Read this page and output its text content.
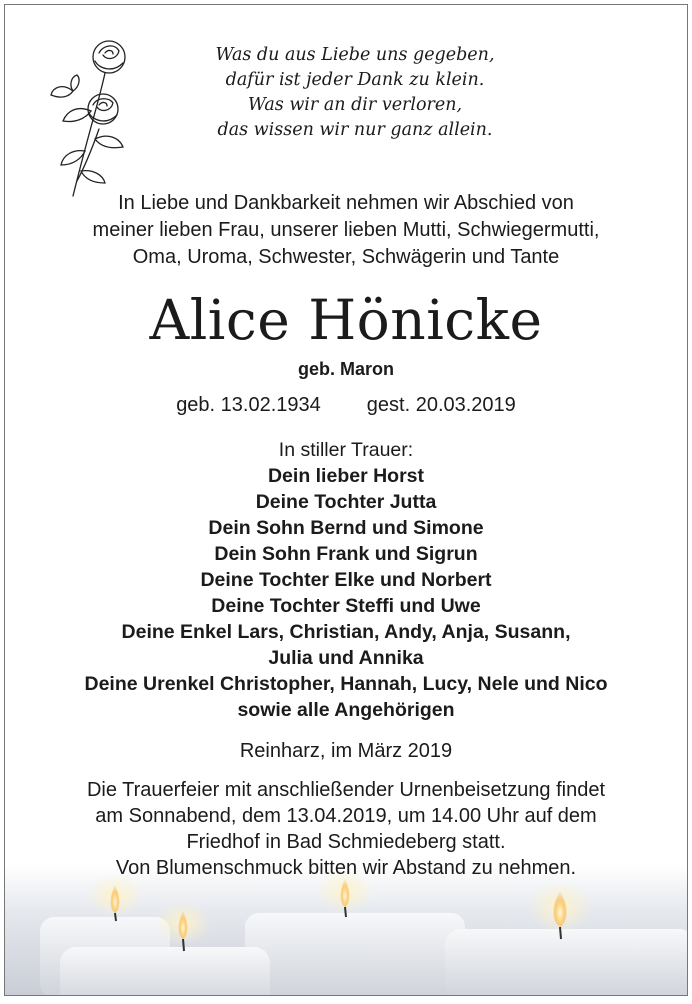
Was du aus Liebe uns gegeben,
dafür ist jeder Dank zu klein.
Was wir an dir verloren,
das wissen wir nur ganz allein.
In Liebe und Dankbarkeit nehmen wir Abschied von
meiner lieben Frau, unserer lieben Mutti, Schwiegermutti,
Oma, Uroma, Schwester, Schwägerin und Tante
Alice Hönicke
geb. Maron
geb. 13.02.1934 gest. 20.03.2019
In stiller Trauer:
Dein lieber Horst
Deine Tochter Jutta
Dein Sohn Bernd und Simone
Dein Sohn Frank und Sigrun
Deine Tochter Elke und Norbert
Deine Tochter Steffi und Uwe
Deine Enkel Lars, Christian, Andy, Anja, Susann,
Julia und Annika
Deine Urenkel Christopher, Hannah, Lucy, Nele und Nico
sowie alle Angehörigen
Reinharz, im März 2019
Die Trauerfeier mit anschließender Urnenbeisetzung findet
am Sonnabend, dem 13.04.2019, um 14.00 Uhr auf dem
Friedhof in Bad Schmiedeberg statt.
Von Blumenschmuck bitten wir Abstand zu nehmen.
